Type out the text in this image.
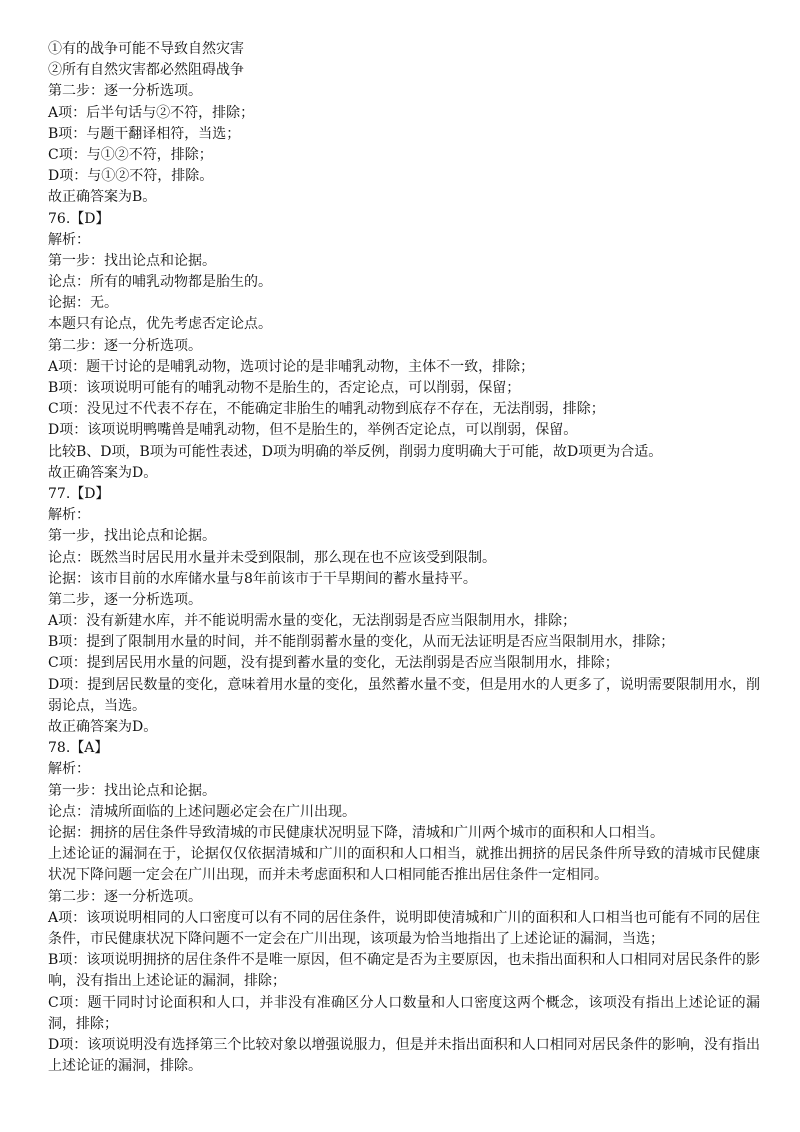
①有的战争可能不导致自然灾害
②所有自然灾害都必然阻碍战争
第二步：逐一分析选项。
A项：后半句话与②不符，排除；
B项：与题干翻译相符，当选；
C项：与①②不符，排除；
D项：与①②不符，排除。
故正确答案为B。
76.【D】
解析：
第一步：找出论点和论据。
论点：所有的哺乳动物都是胎生的。
论据：无。
本题只有论点，优先考虑否定论点。
第二步：逐一分析选项。
A项：题干讨论的是哺乳动物，选项讨论的是非哺乳动物，主体不一致，排除；
B项：该项说明可能有的哺乳动物不是胎生的，否定论点，可以削弱，保留；
C项：没见过不代表不存在，不能确定非胎生的哺乳动物到底存不存在，无法削弱，排除；
D项：该项说明鸭嘴兽是哺乳动物，但不是胎生的，举例否定论点，可以削弱，保留。
比较B、D项，B项为可能性表述，D项为明确的举反例，削弱力度明确大于可能，故D项更为合适。
故正确答案为D。
77.【D】
解析：
第一步，找出论点和论据。
论点：既然当时居民用水量并未受到限制，那么现在也不应该受到限制。
论据：该市目前的水库储水量与8年前该市于干旱期间的蓄水量持平。
第二步，逐一分析选项。
A项：没有新建水库，并不能说明需水量的变化，无法削弱是否应当限制用水，排除；
B项：提到了限制用水量的时间，并不能削弱蓄水量的变化，从而无法证明是否应当限制用水，排除；
C项：提到居民用水量的问题，没有提到蓄水量的变化，无法削弱是否应当限制用水，排除；
D项：提到居民数量的变化，意味着用水量的变化，虽然蓄水量不变，但是用水的人更多了，说明需要限制用水，削弱论点，当选。
故正确答案为D。
78.【A】
解析：
第一步：找出论点和论据。
论点：清城所面临的上述问题必定会在广川出现。
论据：拥挤的居住条件导致清城的市民健康状况明显下降，清城和广川两个城市的面积和人口相当。
上述论证的漏洞在于，论据仅仅依据清城和广川的面积和人口相当，就推出拥挤的居民条件所导致的清城市民健康状况下降问题一定会在广川出现，而并未考虑面积和人口相同能否推出居住条件一定相同。
第二步：逐一分析选项。
A项：该项说明相同的人口密度可以有不同的居住条件，说明即使清城和广川的面积和人口相当也可能有不同的居住条件，市民健康状况下降问题不一定会在广川出现，该项最为恰当地指出了上述论证的漏洞，当选；
B项：该项说明拥挤的居住条件不是唯一原因，但不确定是否为主要原因，也未指出面积和人口相同对居民条件的影响，没有指出上述论证的漏洞，排除；
C项：题干同时讨论面积和人口，并非没有准确区分人口数量和人口密度这两个概念，该项没有指出上述论证的漏洞，排除；
D项：该项说明没有选择第三个比较对象以增强说服力，但是并未指出面积和人口相同对居民条件的影响，没有指出上述论证的漏洞，排除。
